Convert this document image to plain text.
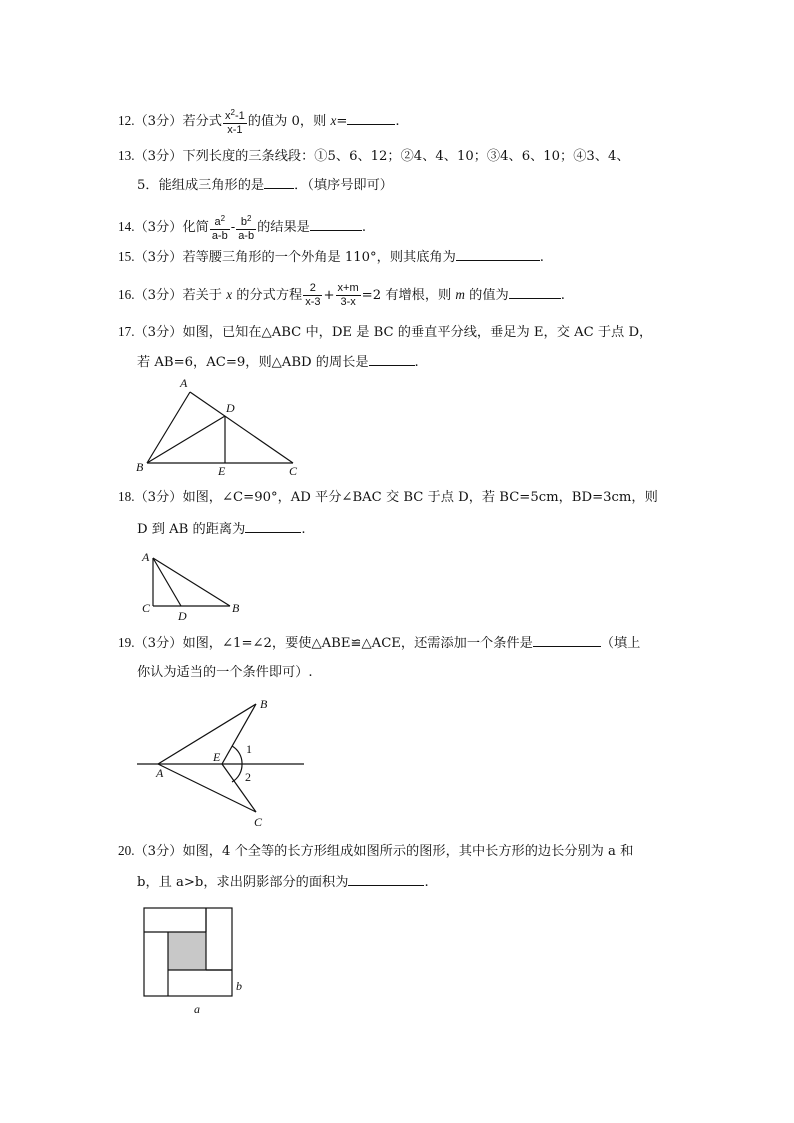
12.（3分）若分式 $\frac{x^2-1}{x-1}$ 的值为 0，则 x=	.
13.（3分）下列长度的三条线段：①5、6、12；②4、4、10；③4、6、10；④3、4、
5．能组成三角形的是 ．（填序号即可）
14.（3分）化简 $\frac{a^2}{a-b} - \frac{b^2}{a-b}$ 的结果是	.
15.（3分）若等腰三角形的一个外角是 110°，则其底角为	.
16.（3分）若关于 x 的分式方程 $\frac{2}{x-3} + \frac{x+m}{3-x} =2$ 有增根，则 m 的值为	.
17.（3分）如图，已知在△ABC 中，DE 是 BC 的垂直平分线，垂足为 E，交 AC 于点 D，
若 AB=6，AC=9，则△ABD 的周长是	.
A
D
B	E	C
18.（3分）如图，∠C=90°，AD 平分∠BAC 交 BC 于点 D，若 BC=5cm，BD=3cm，则
D 到 AB 的距离为	.
A
C
D
B
19.（3分）如图，∠1=∠2，要使△ABE≌△ACE，还需添加一个条件是	（填上
你认为适当的一个条件即可）.
B
1
A
E
2
C
20.（3分）如图，4 个全等的长方形组成如图所示的图形，其中长方形的边长分别为 a 和
b，且 a>b，求出阴影部分的面积为	.
b
a
